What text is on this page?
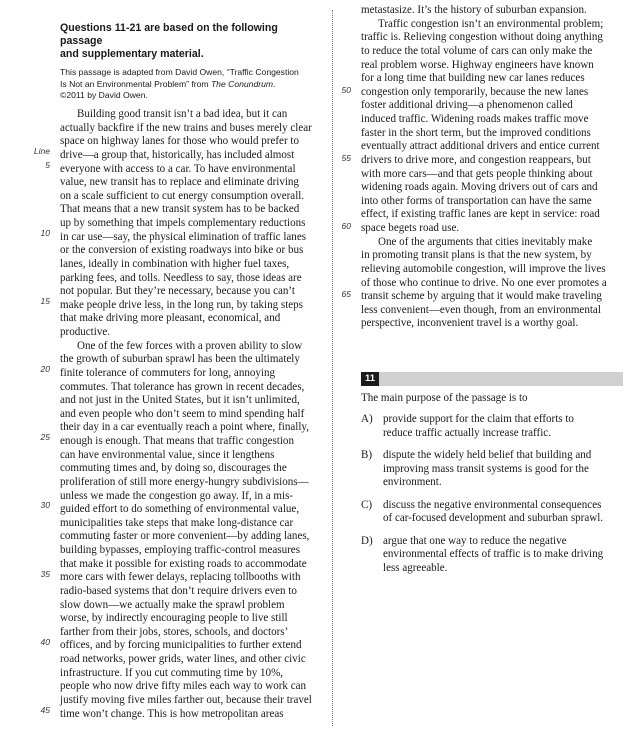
Questions 11-21 are based on the following passage
and supplementary material.
This passage is adapted from David Owen, “Traffic Congestion
Is Not an Environmental Problem” from The Conundrum.
©2011 by David Owen.

Building good transit isn’t a bad idea, but it can
actually backfire if the new trains and buses merely clear
space on highway lanes for those who would prefer to
drive—a group that, historically, has included almost
everyone with access to a car. To have environmental
value, new transit has to replace and eliminate driving
on a scale sufficient to cut energy consumption overall.
That means that a new transit system has to be backed
up by something that impels complementary reductions
in car use—say, the physical elimination of traffic lanes
or the conversion of existing roadways into bike or bus
lanes, ideally in combination with higher fuel taxes,
parking fees, and tolls. Needless to say, those ideas are
not popular. But they’re necessary, because you can’t
make people drive less, in the long run, by taking steps
that make driving more pleasant, economical, and
productive.

One of the few forces with a proven ability to slow
the growth of suburban sprawl has been the ultimately
finite tolerance of commuters for long, annoying
commutes. That tolerance has grown in recent decades,
and not just in the United States, but it isn’t unlimited,
and even people who don’t seem to mind spending half
their day in a car eventually reach a point where, finally,
enough is enough. That means that traffic congestion
can have environmental value, since it lengthens
commuting times and, by doing so, discourages the
proliferation of still more energy-hungry subdivisions—
unless we made the congestion go away. If, in a mis-
guided effort to do something of environmental value,
municipalities take steps that make long-distance car
commuting faster or more convenient—by adding lanes,
building bypasses, employing traffic-control measures
that make it possible for existing roads to accommodate
more cars with fewer delays, replacing tollbooths with
radio-based systems that don’t require drivers even to
slow down—we actually make the sprawl problem
worse, by indirectly encouraging people to live still
farther from their jobs, stores, schools, and doctors’
offices, and by forcing municipalities to further extend
road networks, power grids, water lines, and other civic
infrastructure. If you cut commuting time by 10%,
people who now drive fifty miles each way to work can
justify moving five miles farther out, because their travel
time won’t change. This is how metropolitan areas

Line
5
10
15
20
25
30
35
40
45

metastasize. It’s the history of suburban expansion.

Traffic congestion isn’t an environmental problem;
traffic is. Relieving congestion without doing anything
to reduce the total volume of cars can only make the
real problem worse. Highway engineers have known
for a long time that building new car lanes reduces
congestion only temporarily, because the new lanes
foster additional driving—a phenomenon called
induced traffic. Widening roads makes traffic move
faster in the short term, but the improved conditions
eventually attract additional drivers and entice current
drivers to drive more, and congestion reappears, but
with more cars—and that gets people thinking about
widening roads again. Moving drivers out of cars and
into other forms of transportation can have the same
effect, if existing traffic lanes are kept in service: road
space begets road use.

One of the arguments that cities inevitably make
in promoting transit plans is that the new system, by
relieving automobile congestion, will improve the lives
of those who continue to drive. No one ever promotes a
transit scheme by arguing that it would make traveling
less convenient—even though, from an environmental
perspective, inconvenient travel is a worthy goal.

50
55
60
65
11
The main purpose of the passage is to
A) provide support for the claim that efforts to
reduce traffic actually increase traffic.
B) dispute the widely held belief that building and
improving mass transit systems is good for the
environment.
C) discuss the negative environmental consequences
of car-focused development and suburban sprawl.
D) argue that one way to reduce the negative
environmental effects of traffic is to make driving
less agreeable.
